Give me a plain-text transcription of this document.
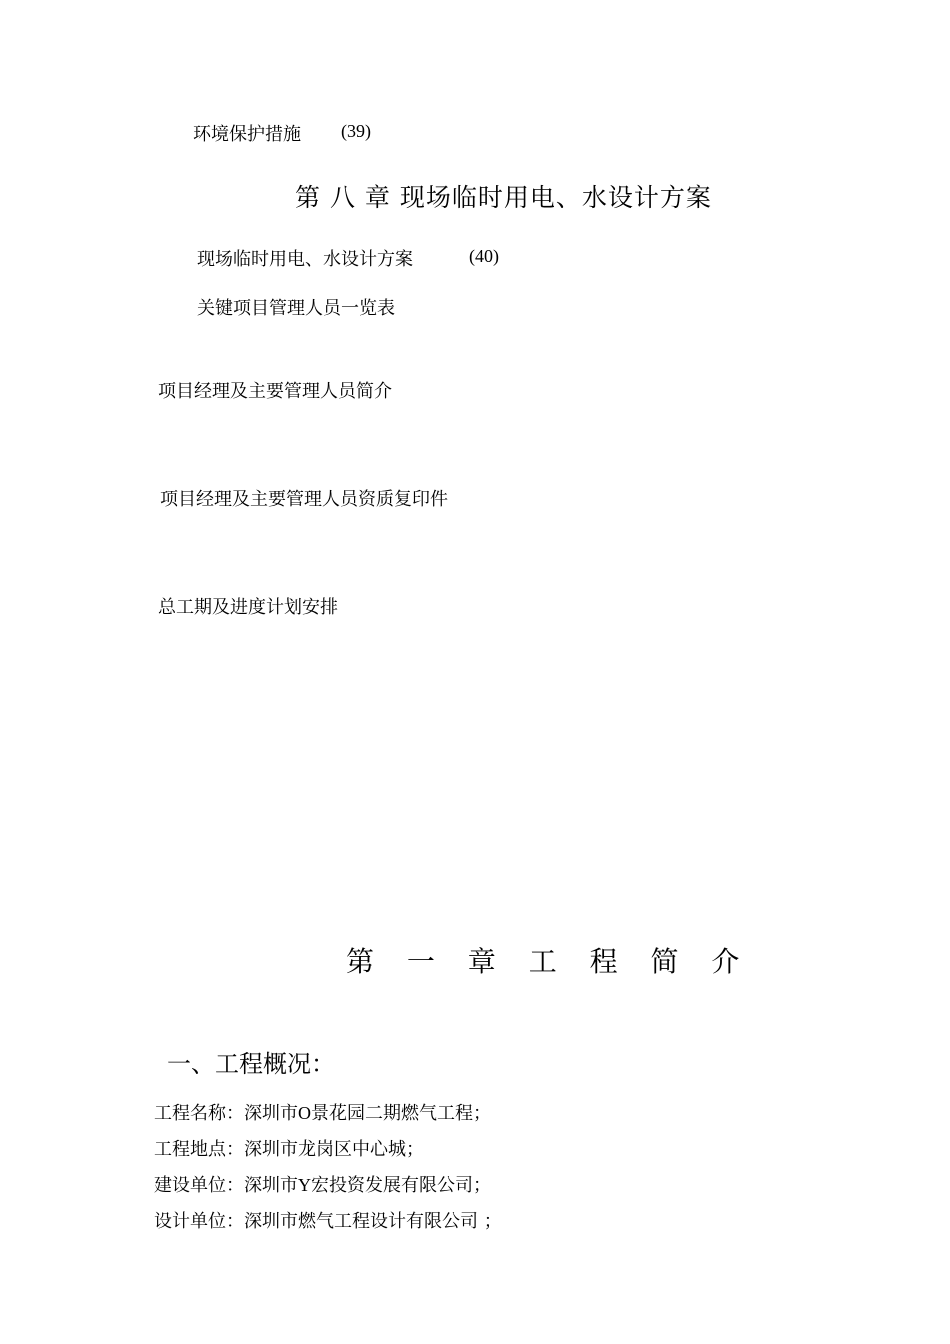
环境保护措施 (39)
第 八 章 现场临时用电、水设计方案
现场临时用电、水设计方案	(40)
关键项目管理人员一览表
项目经理及主要管理人员简介
项目经理及主要管理人员资质复印件
总工期及进度计划安排
第 一 章 工 程 简 介
一、工程概况：
工程名称：深圳市O景花园二期燃气工程；
工程地点：深圳市龙岗区中心城；
建设单位：深圳市Y宏投资发展有限公司；
设计单位：深圳市燃气工程设计有限公司 ；
